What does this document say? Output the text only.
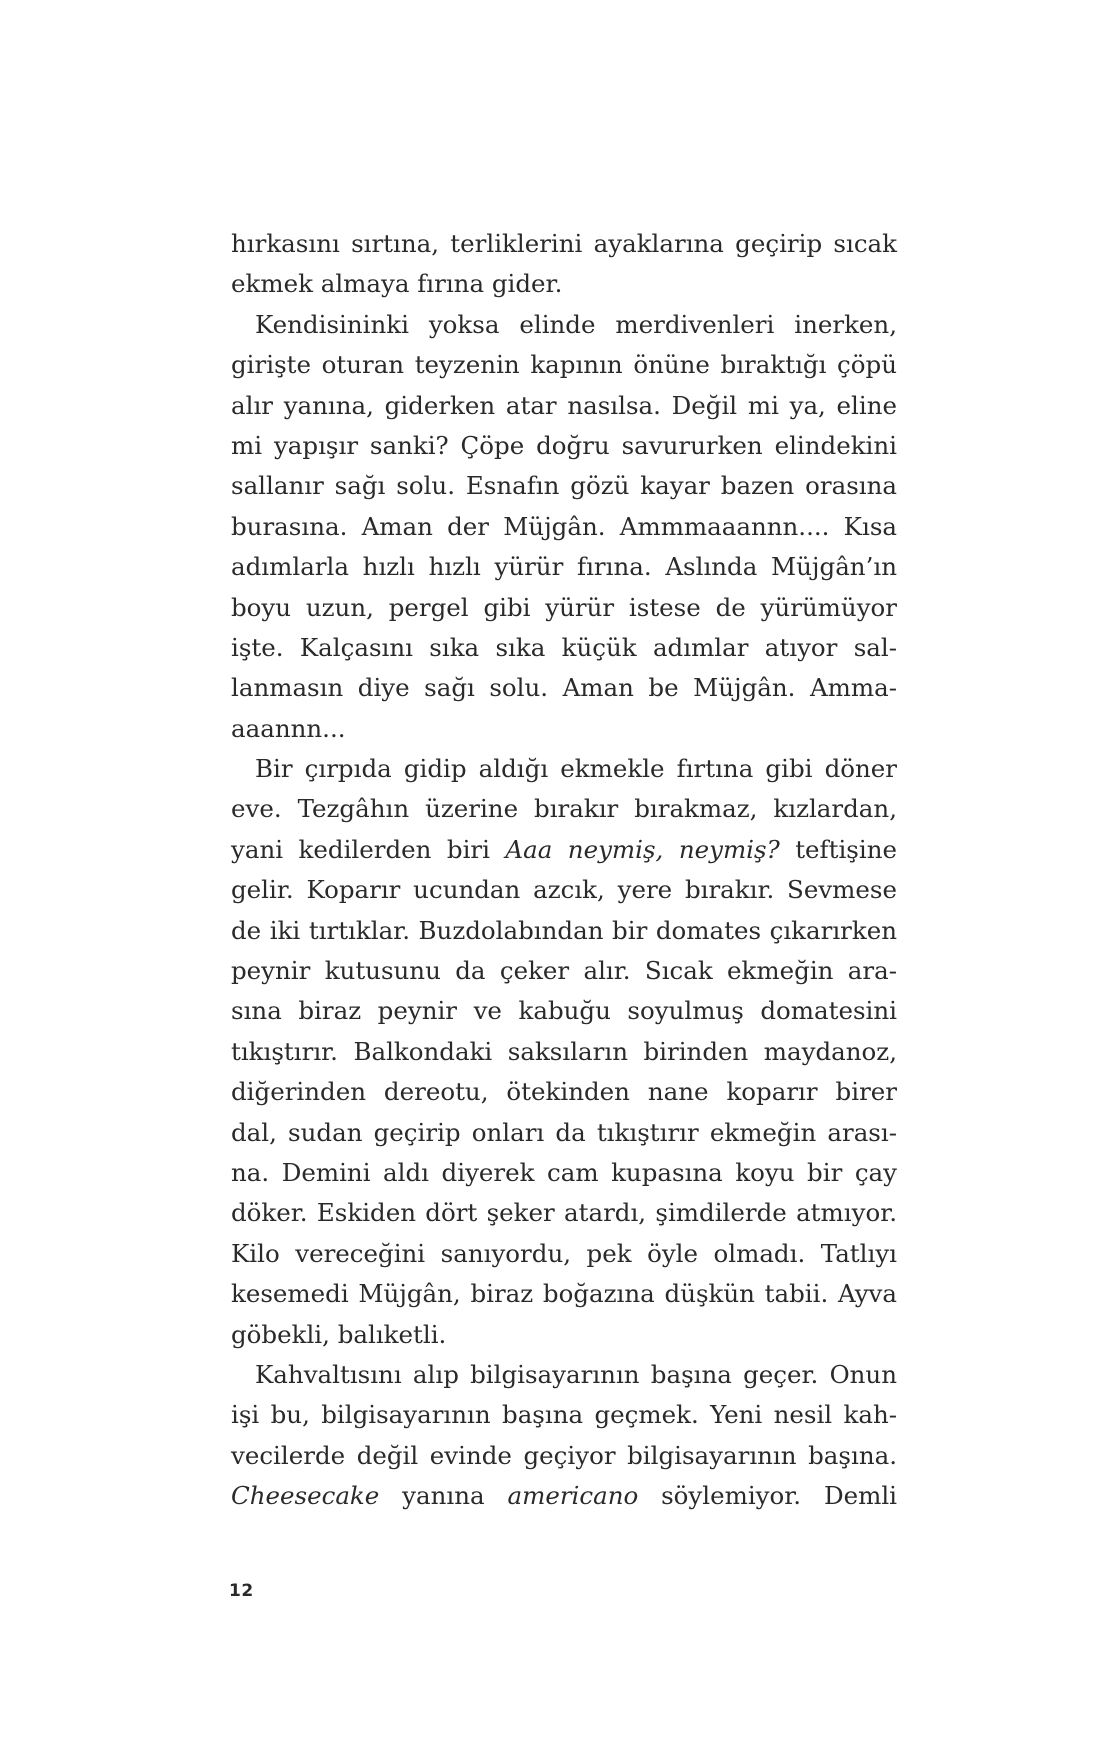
hırkasını sırtına, terliklerini ayaklarına geçirip sıcak
ekmek almaya fırına gider.
Kendisininki yoksa elinde merdivenleri inerken,
girişte oturan teyzenin kapının önüne bıraktığı çöpü
alır yanına, giderken atar nasılsa. Değil mi ya, eline
mi yapışır sanki? Çöpe doğru savururken elindekini
sallanır sağı solu. Esnafın gözü kayar bazen orasına
burasına. Aman der Müjgân. Ammmaaannn.... Kısa
adımlarla hızlı hızlı yürür fırına. Aslında Müjgân’ın
boyu uzun, pergel gibi yürür istese de yürümüyor
işte. Kalçasını sıka sıka küçük adımlar atıyor sal-
lanmasın diye sağı solu. Aman be Müjgân. Amma-
aaannn...
Bir çırpıda gidip aldığı ekmekle fırtına gibi döner
eve. Tezgâhın üzerine bırakır bırakmaz, kızlardan,
yani kedilerden biri Aaa neymiş, neymiş? teftişine
gelir. Koparır ucundan azcık, yere bırakır. Sevmese
de iki tırtıklar. Buzdolabından bir domates çıkarırken
peynir kutusunu da çeker alır. Sıcak ekmeğin ara-
sına biraz peynir ve kabuğu soyulmuş domatesini
tıkıştırır. Balkondaki saksıların birinden maydanoz,
diğerinden dereotu, ötekinden nane koparır birer
dal, sudan geçirip onları da tıkıştırır ekmeğin arası-
na. Demini aldı diyerek cam kupasına koyu bir çay
döker. Eskiden dört şeker atardı, şimdilerde atmıyor.
Kilo vereceğini sanıyordu, pek öyle olmadı. Tatlıyı
kesemedi Müjgân, biraz boğazına düşkün tabii. Ayva
göbekli, balıketli.
Kahvaltısını alıp bilgisayarının başına geçer. Onun
işi bu, bilgisayarının başına geçmek. Yeni nesil kah-
vecilerde değil evinde geçiyor bilgisayarının başına.
Cheesecake yanına americano söylemiyor. Demli
12
